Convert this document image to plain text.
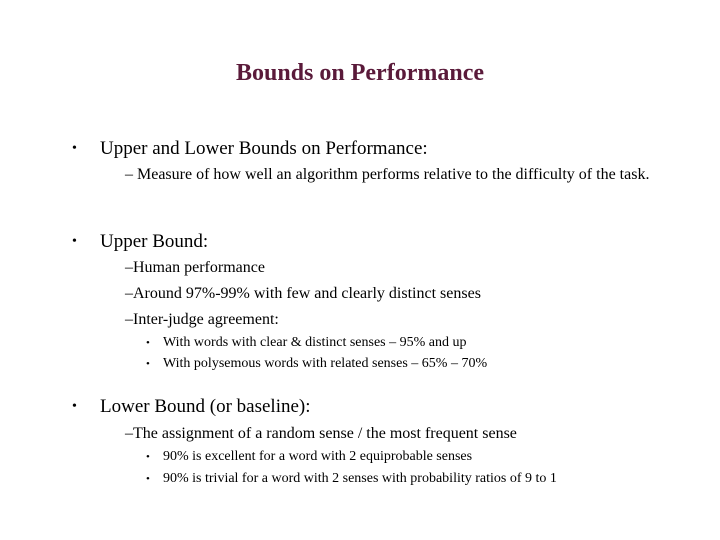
Bounds on Performance
• Upper and Lower Bounds on Performance:
– Measure of how well an algorithm performs relative to the difficulty of the task.
• Upper Bound:
– Human performance
– Around 97%-99% with few and clearly distinct senses
– Inter-judge agreement:
• With words with clear & distinct senses – 95% and up
• With polysemous words with related senses – 65% – 70%
• Lower Bound (or baseline):
– The assignment of a random sense / the most frequent sense
• 90% is excellent for a word with 2 equiprobable senses
• 90% is trivial for a word with 2 senses with probability ratios of 9 to 1
